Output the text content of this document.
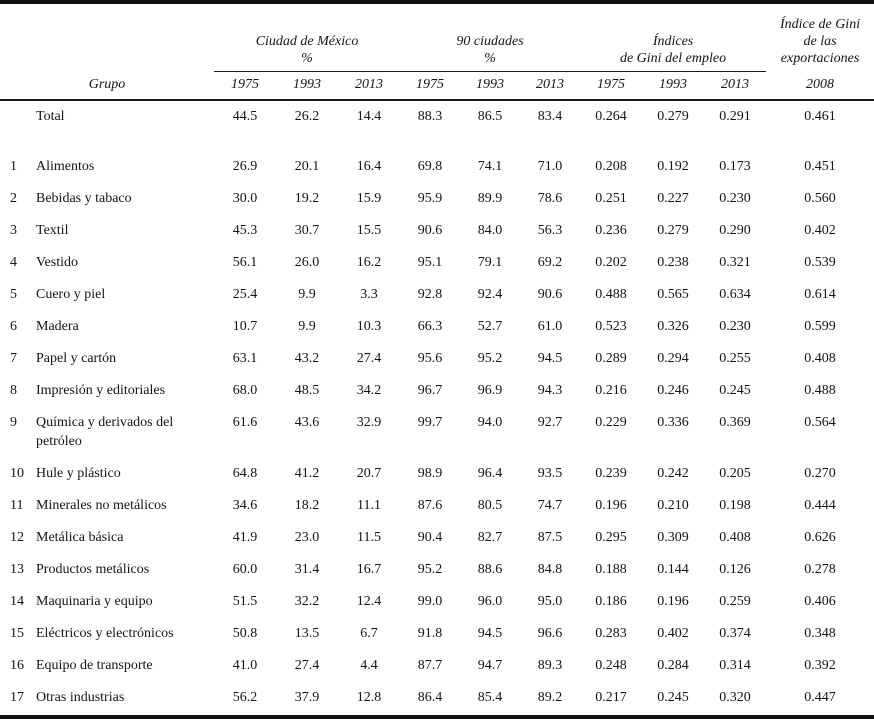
Ciudad de México
%

90 ciudades
%

Índices
de Gini del empleo

Índice de Gini
de las
exportaciones

Grupo		1975	1993	2013	1975	1993	2013	1975	1993	2013	2008
	Total	44.5	26.2	14.4	88.3	86.5	83.4	0.264	0.279	0.291	0.461

1	Alimentos	26.9	20.1	16.4	69.8	74.1	71.0	0.208	0.192	0.173	0.451
2	Bebidas y tabaco	30.0	19.2	15.9	95.9	89.9	78.6	0.251	0.227	0.230	0.560
3	Textil	45.3	30.7	15.5	90.6	84.0	56.3	0.236	0.279	0.290	0.402
4	Vestido	56.1	26.0	16.2	95.1	79.1	69.2	0.202	0.238	0.321	0.539
5	Cuero y piel	25.4	9.9	3.3	92.8	92.4	90.6	0.488	0.565	0.634	0.614
6	Madera	10.7	9.9	10.3	66.3	52.7	61.0	0.523	0.326	0.230	0.599
7	Papel y cartón	63.1	43.2	27.4	95.6	95.2	94.5	0.289	0.294	0.255	0.408
8	Impresión y editoriales	68.0	48.5	34.2	96.7	96.9	94.3	0.216	0.246	0.245	0.488
9	Química y derivados del petróleo	61.6	43.6	32.9	99.7	94.0	92.7	0.229	0.336	0.369	0.564
10	Hule y plástico	64.8	41.2	20.7	98.9	96.4	93.5	0.239	0.242	0.205	0.270
11	Minerales no metálicos	34.6	18.2	11.1	87.6	80.5	74.7	0.196	0.210	0.198	0.444
12	Metálica básica	41.9	23.0	11.5	90.4	82.7	87.5	0.295	0.309	0.408	0.626
13	Productos metálicos	60.0	31.4	16.7	95.2	88.6	84.8	0.188	0.144	0.126	0.278
14	Maquinaria y equipo	51.5	32.2	12.4	99.0	96.0	95.0	0.186	0.196	0.259	0.406
15	Eléctricos y electrónicos	50.8	13.5	6.7	91.8	94.5	96.6	0.283	0.402	0.374	0.348
16	Equipo de transporte	41.0	27.4	4.4	87.7	94.7	89.3	0.248	0.284	0.314	0.392
17	Otras industrias	56.2	37.9	12.8	86.4	85.4	89.2	0.217	0.245	0.320	0.447
